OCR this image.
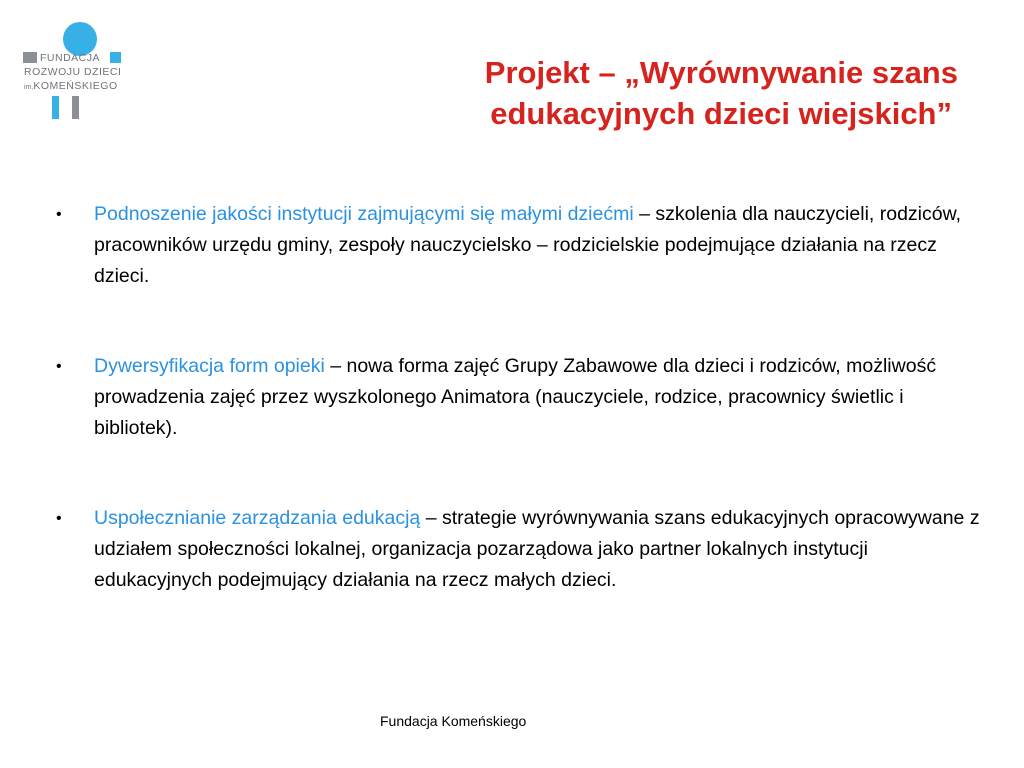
FUNDACJA
ROZWOJU DZIECI
im.KOMEŃSKIEGO	Projekt – „Wyrównywanie szans
edukacyjnych dzieci wiejskich”
• Podnoszenie jakości instytucji zajmującymi się małymi dziećmi – szkolenia dla nauczycieli, rodziców, pracowników urzędu gminy, zespoły nauczycielsko – rodzicielskie podejmujące działania na rzecz dzieci.
• Dywersyfikacja form opieki – nowa forma zajęć Grupy Zabawowe dla dzieci i rodziców, możliwość prowadzenia zajęć przez wyszkolonego Animatora (nauczyciele, rodzice, pracownicy świetlic i bibliotek).
• Uspołecznianie zarządzania edukacją – strategie wyrównywania szans edukacyjnych opracowywane z udziałem społeczności lokalnej, organizacja pozarządowa jako partner lokalnych instytucji edukacyjnych podejmujący działania na rzecz małych dzieci.
Fundacja Komeńskiego
